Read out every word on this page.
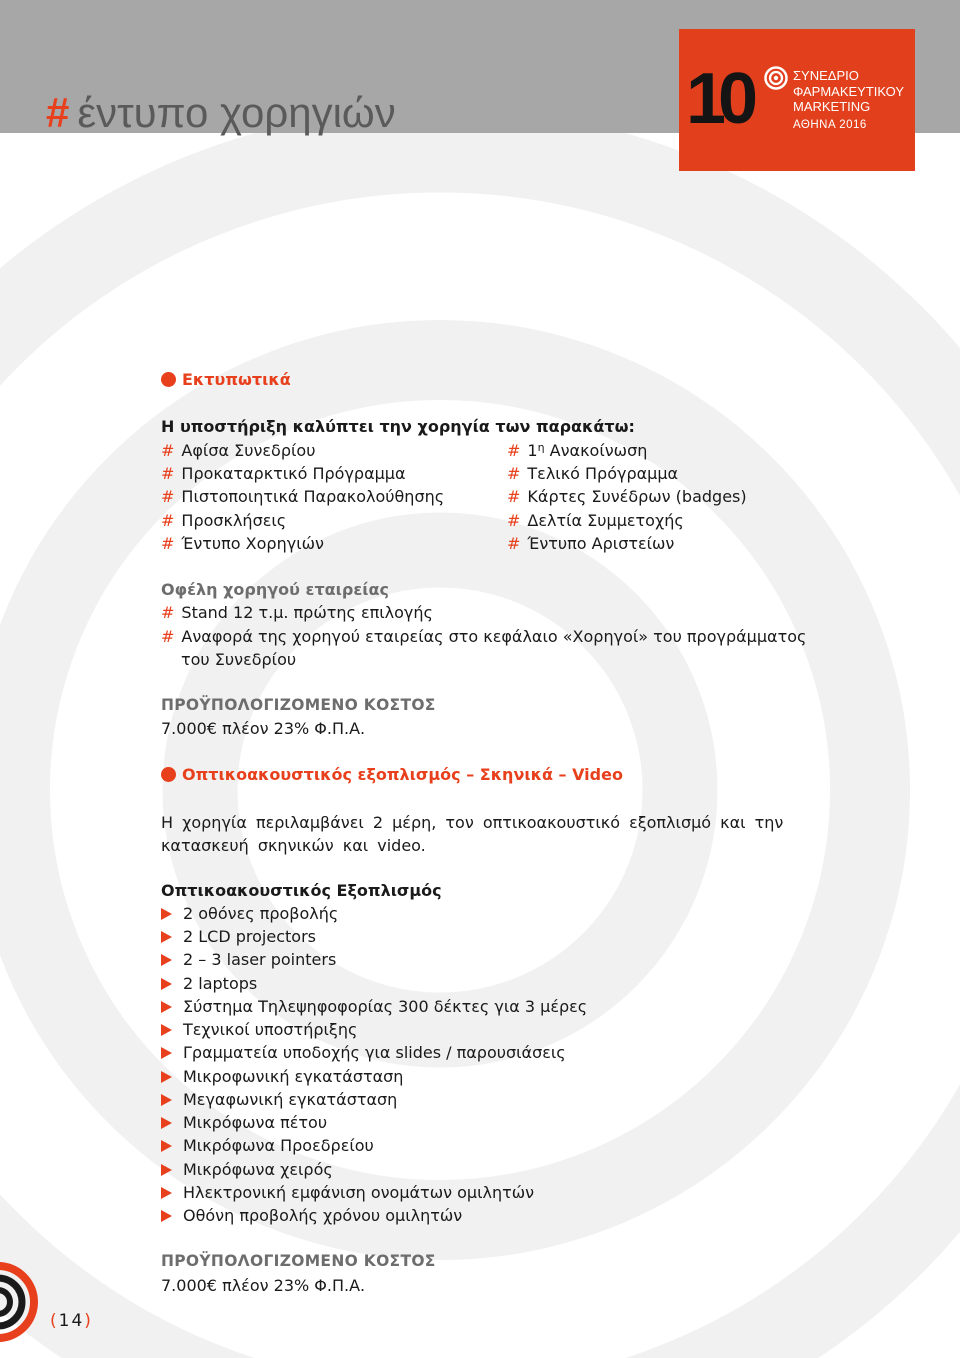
# έντυπο χορηγιών	10	ΣΥΝΕΔΡΙΟ
ΦΑΡΜΑΚΕΥΤΙΚΟΥ
MARKETING
ΑΘΗΝΑ 2016
Εκτυπωτικά
Η υποστήριξη καλύπτει την χορηγία των παρακάτω:
# Αφίσα Συνεδρίου
# Προκαταρκτικό Πρόγραμμα
# Πιστοποιητικά Παρακολούθησης
# Προσκλήσεις
# Έντυπο Χορηγιών
# $1^\eta$ Ανακοίνωση
# Τελικό Πρόγραμμα
# Κάρτες Συνέδρων (badges)
# Δελτία Συμμετοχής
# Έντυπο Αριστείων
Οφέλη χορηγού εταιρείας
# Stand 12 τ.μ. πρώτης επιλογής
# Αναφορά της χορηγού εταιρείας στο κεφάλαιο «Χορηγοί» του προγράμματος
του Συνεδρίου
ΠΡΟΫΠΟΛΟΓΙΖΟΜΕΝΟ ΚΟΣΤΟΣ
7.000€ πλέον 23% Φ.Π.Α.
Οπτικοακουστικός εξοπλισμός – Σκηνικά – Video
Η χορηγία περιλαμβάνει 2 μέρη, τον οπτικοακουστικό εξοπλισμό και την κατασκευή σκηνικών και video.
Οπτικοακουστικός Εξοπλισμός
2 οθόνες προβολής
2 LCD projectors
2 – 3 laser pointers
2 laptops
Σύστημα Τηλεψηφοφορίας 300 δέκτες για 3 μέρες
Τεχνικοί υποστήριξης
Γραμματεία υποδοχής για slides / παρουσιάσεις
Μικροφωνική εγκατάσταση
Μεγαφωνική εγκατάσταση
Μικρόφωνα πέτου
Μικρόφωνα Προεδρείου
Μικρόφωνα χειρός
Ηλεκτρονική εμφάνιση ονομάτων ομιλητών
Οθόνη προβολής χρόνου ομιλητών
ΠΡΟΫΠΟΛΟΓΙΖΟΜΕΝΟ ΚΟΣΤΟΣ
7.000€ πλέον 23% Φ.Π.Α.
(14)
